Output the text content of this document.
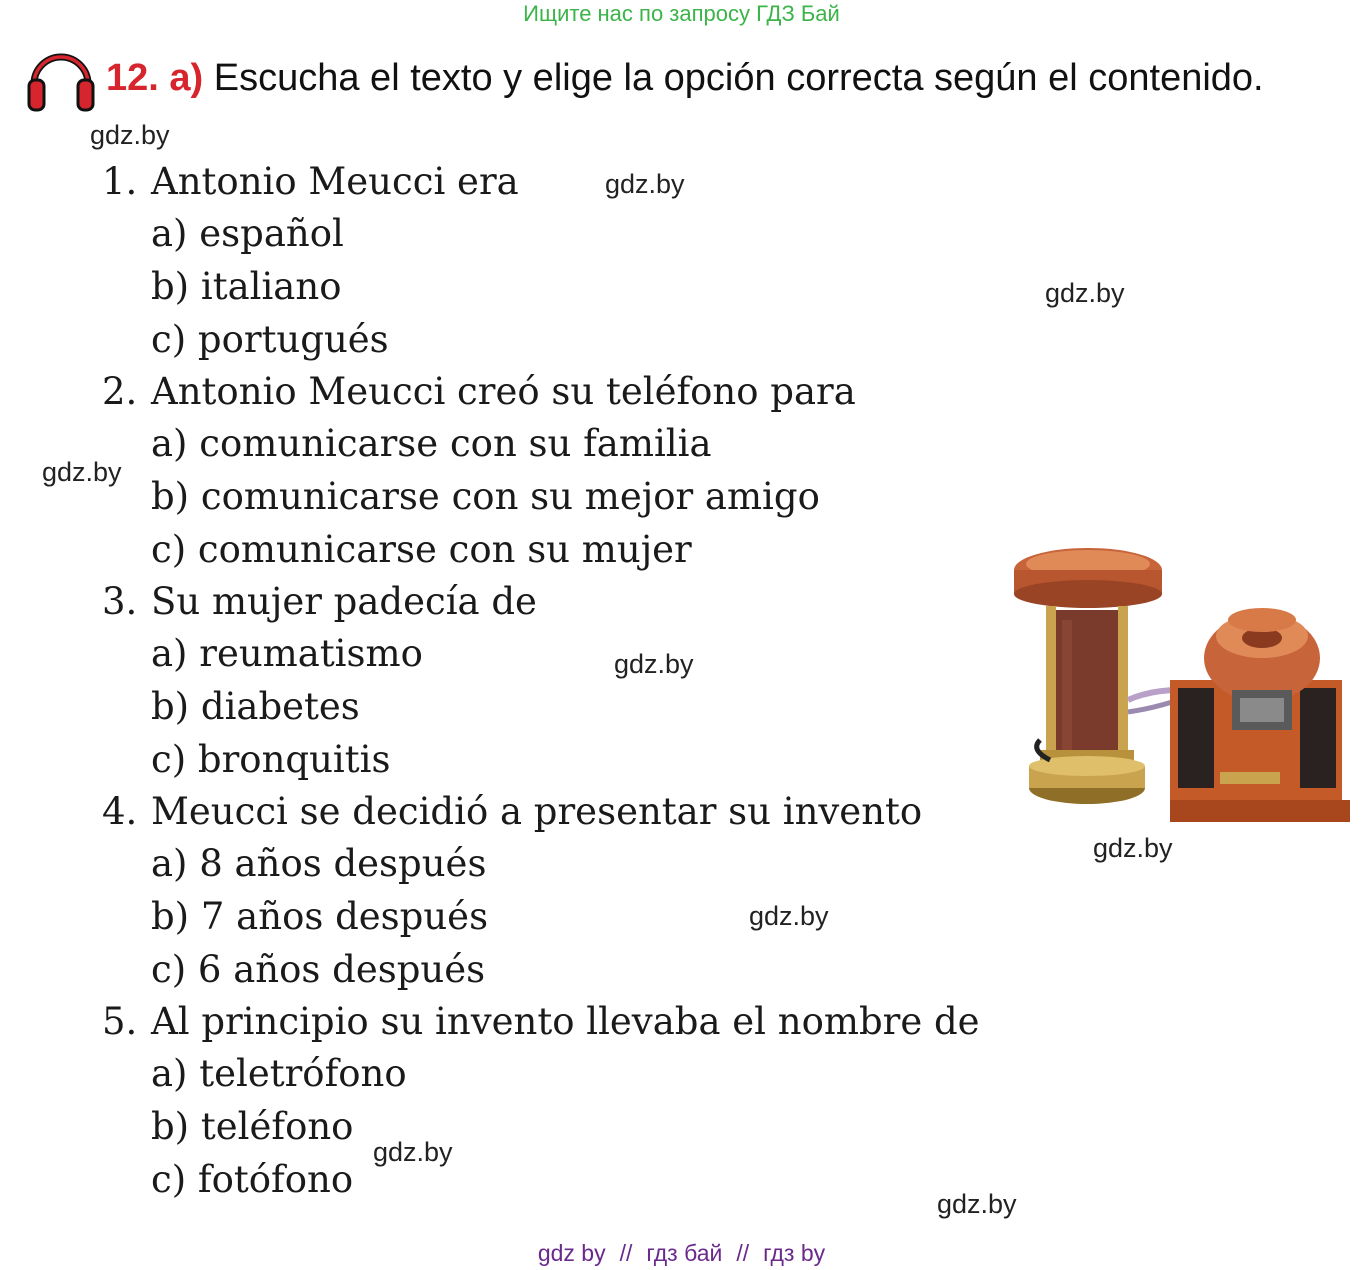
Ищите нас по запросу ГДЗ Бай
12. a) Escucha el texto y elige la opción correcta según el contenido.
gdz.by
gdz.by
gdz.by
gdz.by
gdz.by
gdz.by
gdz.by
gdz.by
gdz.by
1. Antonio Meucci era
a) español
b) italiano
c) portugués
2. Antonio Meucci creó su teléfono para
a) comunicarse con su familia
b) comunicarse con su mejor amigo
c) comunicarse con su mujer
3. Su mujer padecía de
a) reumatismo
b) diabetes
c) bronquitis
4. Meucci se decidió a presentar su invento
a) 8 años después
b) 7 años después
c) 6 años después
5. Al principio su invento llevaba el nombre de
a) teletrófono
b) teléfono
c) fotófono
gdz by // гдз бай // гдз by
